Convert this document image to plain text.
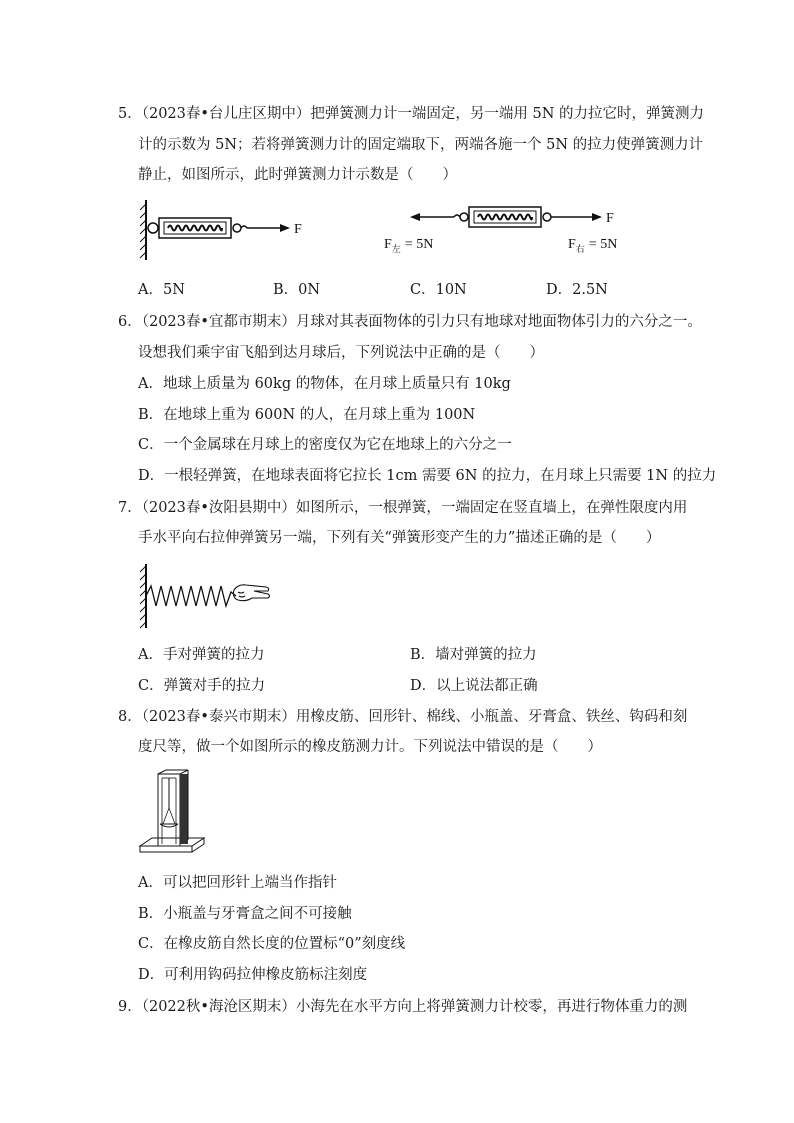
5．（2023春•台儿庄区期中）把弹簧测力计一端固定，另一端用 5N 的力拉它时，弹簧测力
计的示数为 5N；若将弹簧测力计的固定端取下，两端各施一个 5N 的拉力使弹簧测力计
静止，如图所示，此时弹簧测力计示数是（　　）
F
F
$F_左 = 5N$	$F_右 = 5N$
A．5N	B．0N	C．10N	D．2.5N
6．（2023春•宜都市期末）月球对其表面物体的引力只有地球对地面物体引力的六分之一。
设想我们乘宇宙飞船到达月球后，下列说法中正确的是（　　）
A．地球上质量为 60kg 的物体，在月球上质量只有 10kg
B．在地球上重为 600N 的人，在月球上重为 100N
C．一个金属球在月球上的密度仅为它在地球上的六分之一
D．一根轻弹簧，在地球表面将它拉长 1cm 需要 6N 的拉力，在月球上只需要 1N 的拉力
7．（2023春•汝阳县期中）如图所示，一根弹簧，一端固定在竖直墙上，在弹性限度内用
手水平向右拉伸弹簧另一端，下列有关“弹簧形变产生的力”描述正确的是（　　）
A．手对弹簧的拉力	B．墙对弹簧的拉力
C．弹簧对手的拉力	D．以上说法都正确
8．（2023春•泰兴市期末）用橡皮筋、回形针、棉线、小瓶盖、牙膏盒、铁丝、钩码和刻
度尺等，做一个如图所示的橡皮筋测力计。下列说法中错误的是（　　）
A．可以把回形针上端当作指针
B．小瓶盖与牙膏盒之间不可接触
C．在橡皮筋自然长度的位置标“0”刻度线
D．可利用钩码拉伸橡皮筋标注刻度
9．（2022秋•海沧区期末）小海先在水平方向上将弹簧测力计校零，再进行物体重力的测
